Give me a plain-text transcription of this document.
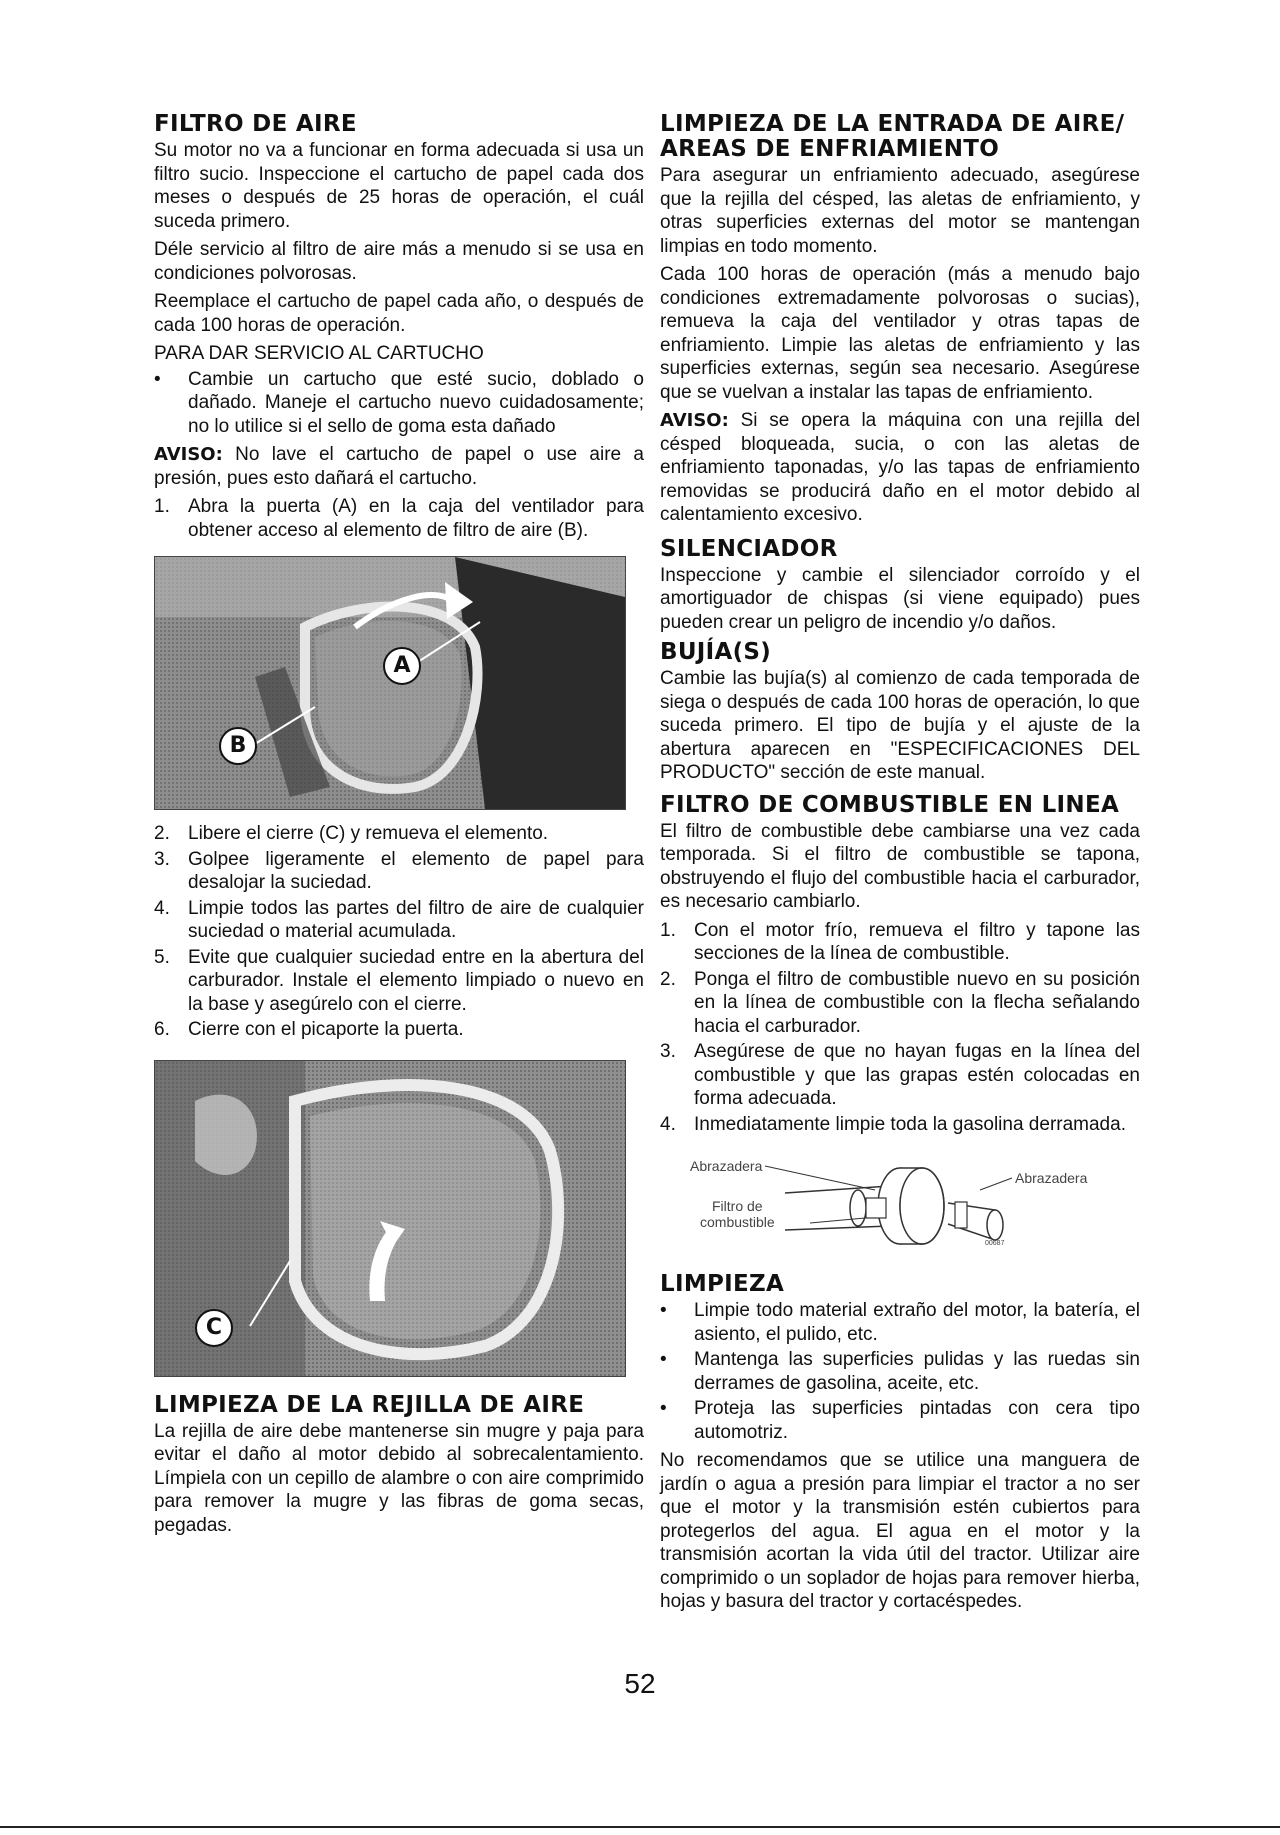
FILTRO DE AIRE

Su motor no va a funcionar en forma adecuada si usa un filtro sucio. Inspeccione el cartucho de papel cada dos meses o después de 25 horas de operación, el cuál suceda primero.

Déle servicio al filtro de aire más a menudo si se usa en condiciones polvorosas.

Reemplace el cartucho de papel cada año, o después de cada 100 horas de operación.

PARA DAR SERVICIO AL CARTUCHO

•	Cambie un cartucho que esté sucio, doblado o dañado. Maneje el cartucho nuevo cuidadosamente; no lo utilice si el sello de goma esta dañado

AVISO: No lave el cartucho de papel o use aire a presión, pues esto dañará el cartucho.

1. Abra la puerta (A) en la caja del ventilador para obtener acceso al elemento de filtro de aire (B).
A
B
2. Libere el cierre (C) y remueva el elemento.
3. Golpee ligeramente el elemento de papel para desalojar la suciedad.
4. Limpie todos las partes del filtro de aire de cualquier suciedad o material acumulada.
5. Evite que cualquier suciedad entre en la abertura del carburador. Instale el elemento limpiado o nuevo en la base y asegúrelo con el cierre.
6. Cierre con el picaporte la puerta.
C
LIMPIEZA DE LA REJILLA DE AIRE

La rejilla de aire debe mantenerse sin mugre y paja para evitar el daño al motor debido al sobrecalentamiento. Límpiela con un cepillo de alambre o con aire comprimido para remover la mugre y las fibras de goma secas, pegadas.

LIMPIEZA DE LA ENTRADA DE AIRE/
AREAS DE ENFRIAMIENTO

Para asegurar un enfriamiento adecuado, asegúrese que la rejilla del césped, las aletas de enfriamiento, y otras superficies externas del motor se mantengan limpias en todo momento.

Cada 100 horas de operación (más a menudo bajo condiciones extremadamente polvorosas o sucias), remueva la caja del ventilador y otras tapas de enfriamiento. Limpie las aletas de enfriamiento y las superficies externas, según sea necesario. Asegúrese que se vuelvan a instalar las tapas de enfriamiento.

AVISO: Si se opera la máquina con una rejilla del césped bloqueada, sucia, o con las aletas de enfriamiento taponadas, y/o las tapas de enfriamiento removidas se producirá daño en el motor debido al calentamiento excesivo.

SILENCIADOR

Inspeccione y cambie el silenciador corroído y el amortiguador de chispas (si viene equipado) pues pueden crear un peligro de incendio y/o daños.

BUJÍA(S)

Cambie las bujía(s) al comienzo de cada temporada de siega o después de cada 100 horas de operación, lo que suceda primero. El tipo de bujía y el ajuste de la abertura aparecen en "ESPECIFICACIONES DEL PRODUCTO" sección de este manual.

FILTRO DE COMBUSTIBLE EN LINEA

El filtro de combustible debe cambiarse una vez cada temporada. Si el filtro de combustible se tapona, obstruyendo el flujo del combustible hacia el carburador, es necesario cambiarlo.

1. Con el motor frío, remueva el filtro y tapone las secciones de la línea de combustible.
2. Ponga el filtro de combustible nuevo en su posición en la línea de combustible con la flecha señalando hacia el carburador.
3. Asegúrese de que no hayan fugas en la línea del combustible y que las grapas estén colocadas en forma adecuada.
4. Inmediatamente limpie toda la gasolina derramada.
Abrazadera
Abrazadera
Filtro de
combustible
00687
LIMPIEZA
•	Limpie todo material extraño del motor, la batería, el asiento, el pulido, etc.
•	Mantenga las superficies pulidas y las ruedas sin derrames de gasolina, aceite, etc.
•	Proteja las superficies pintadas con cera tipo automotriz.

No recomendamos que se utilice una manguera de jardín o agua a presión para limpiar el tractor a no ser que el motor y la transmisión estén cubiertos para protegerlos del agua. El agua en el motor y la transmisión acortan la vida útil del tractor. Utilizar aire comprimido o un soplador de hojas para remover hierba, hojas y basura del tractor y cortacéspedes.

52
